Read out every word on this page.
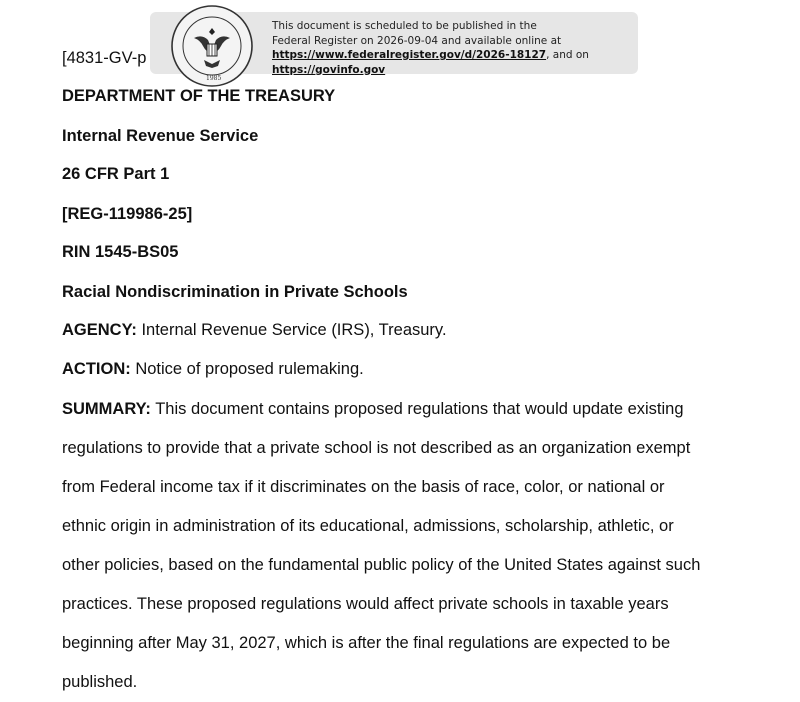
[4831-GV-p
1985
This document is scheduled to be published in the
Federal Register on 2026-09-04 and available online at
https://www.federalregister.gov/d/2026-18127, and on
https://govinfo.gov
DEPARTMENT OF THE TREASURY
Internal Revenue Service
26 CFR Part 1
[REG-119986-25]
RIN 1545-BS05
Racial Nondiscrimination in Private Schools
AGENCY: Internal Revenue Service (IRS), Treasury.
ACTION: Notice of proposed rulemaking.
SUMMARY: This document contains proposed regulations that would update existing
regulations to provide that a private school is not described as an organization exempt
from Federal income tax if it discriminates on the basis of race, color, or national or
ethnic origin in administration of its educational, admissions, scholarship, athletic, or
other policies, based on the fundamental public policy of the United States against such
practices. These proposed regulations would affect private schools in taxable years
beginning after May 31, 2027, which is after the final regulations are expected to be
published.
